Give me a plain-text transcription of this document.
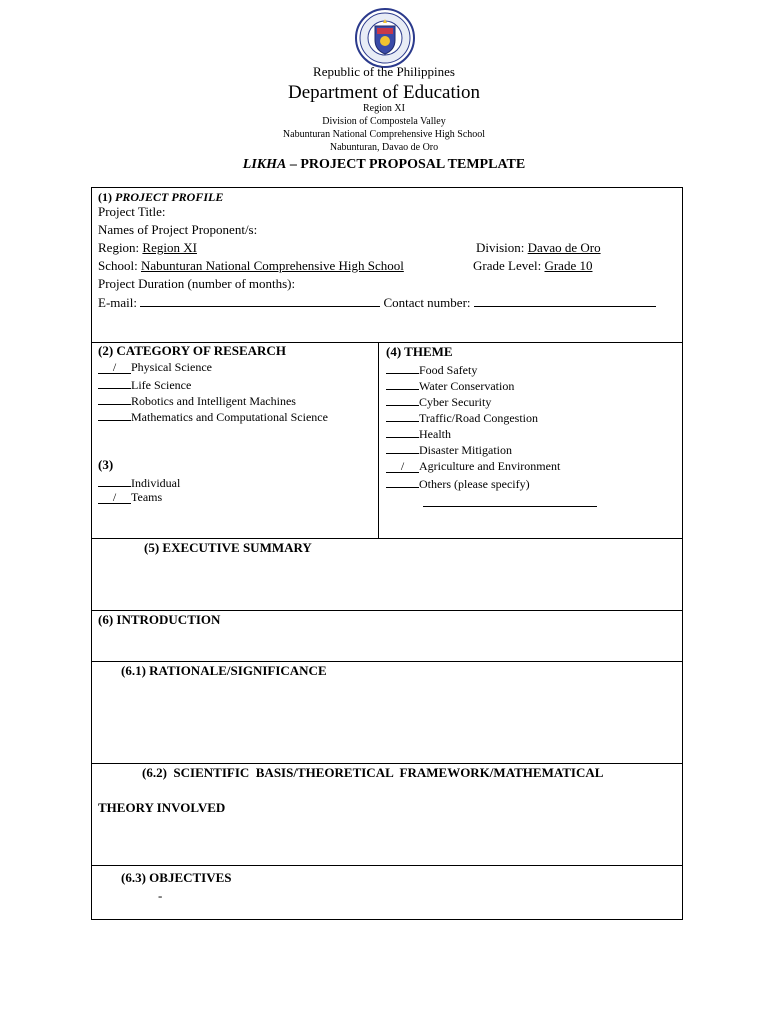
Republic of the Philippines
Department of Education
Region XI
Division of Compostela Valley
Nabunturan National Comprehensive High School
Nabunturan, Davao de Oro
LIKHA – PROJECT PROPOSAL TEMPLATE
(1) PROJECT PROFILE
Project Title:
Names of Project Proponent/s:
Region: Region XI	Division: Davao de Oro
School: Nabunturan National Comprehensive High School	Grade Level: Grade 10
Project Duration (number of months):
E-mail:	Contact number:
(2) CATEGORY OF RESEARCH
/ Physical Science
Life Science
Robotics and Intelligent Machines
Mathematics and Computational Science
(3)
Individual
/ Teams
(4) THEME
Food Safety
Water Conservation
Cyber Security
Traffic/Road Congestion
Health
Disaster Mitigation
/ Agriculture and Environment
Others (please specify)
(5) EXECUTIVE SUMMARY
(6) INTRODUCTION
(6.1) RATIONALE/SIGNIFICANCE
(6.2)  SCIENTIFIC  BASIS/THEORETICAL  FRAMEWORK/MATHEMATICAL
THEORY INVOLVED
(6.3) OBJECTIVES
-
